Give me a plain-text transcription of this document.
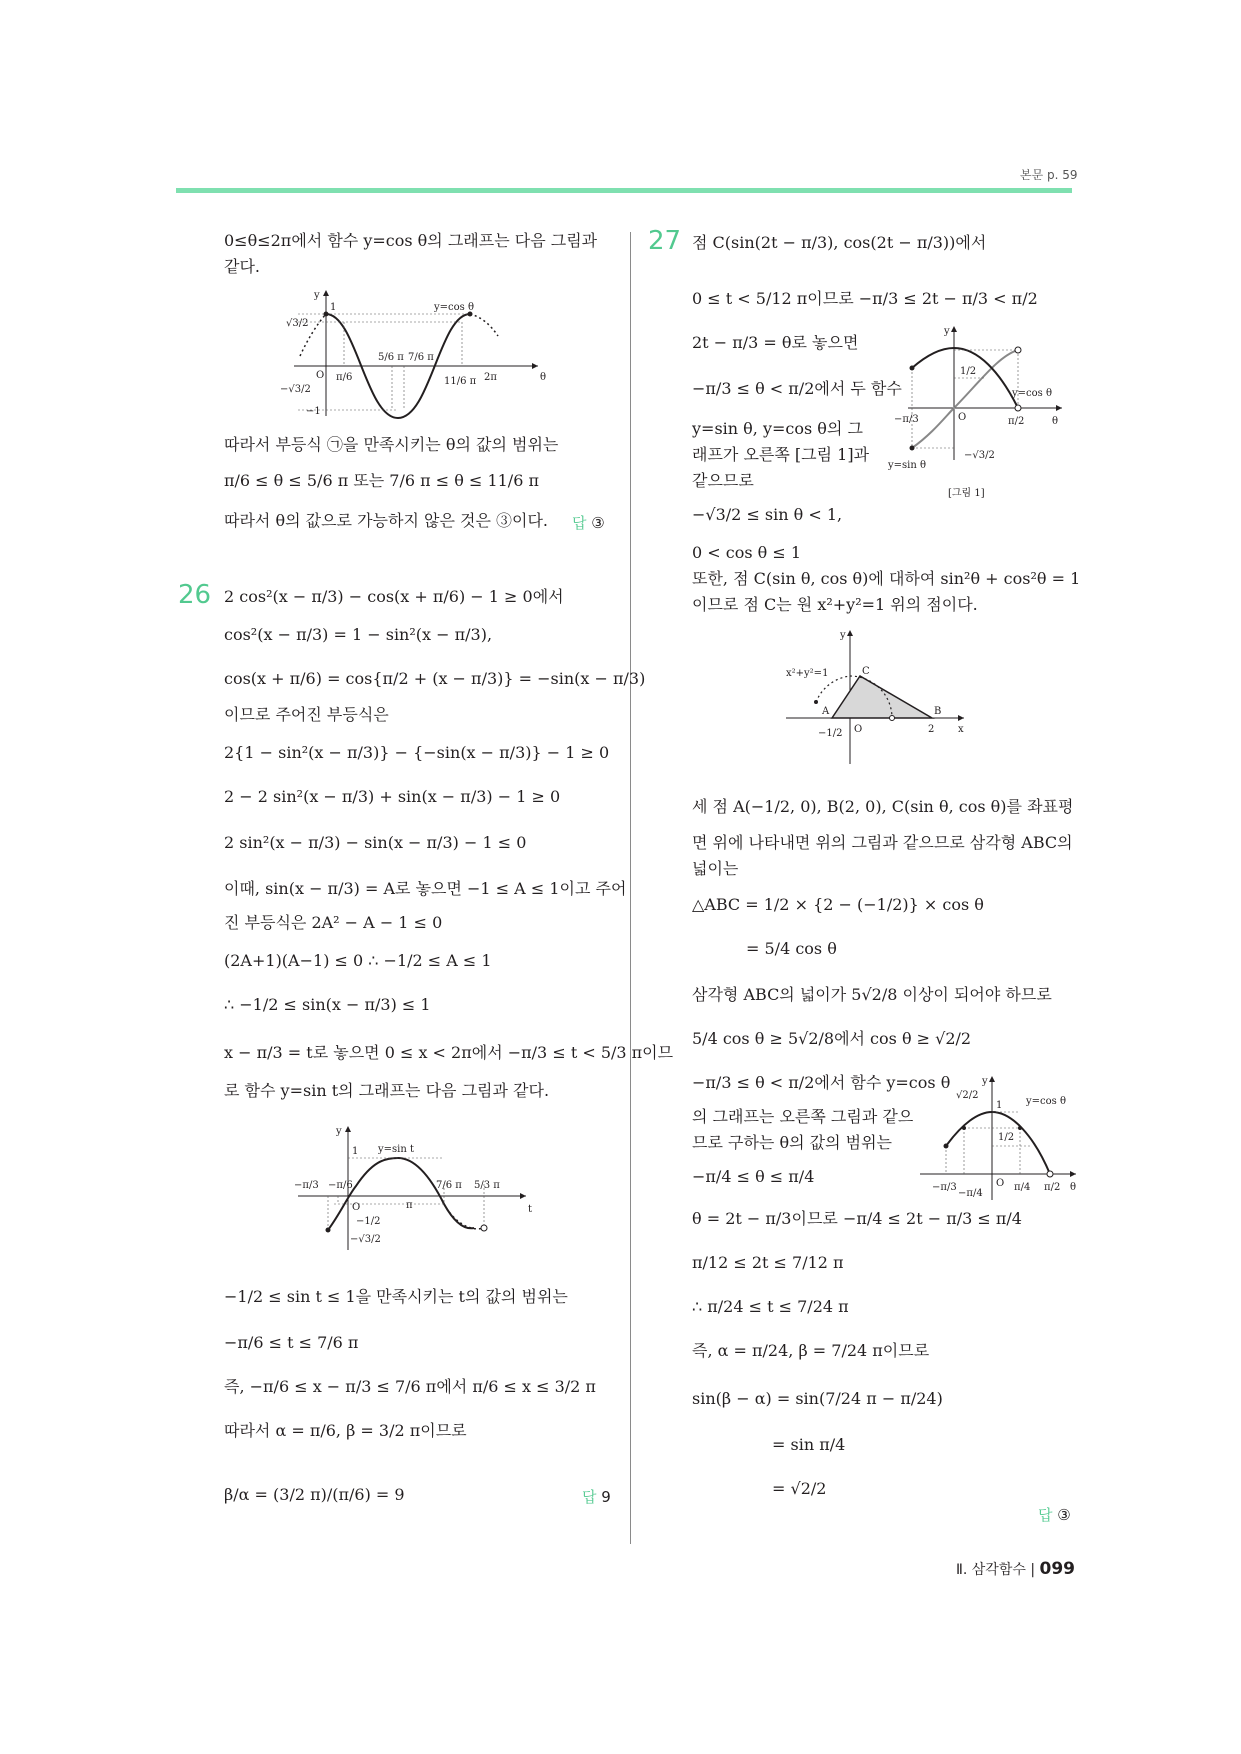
본문 p. 59
0≤θ≤2π에서 함수 y=cos θ의 그래프는 다음 그림과
같다.
y
θ
1	y=cos θ
O
√3/2
−√3/2
−1
π/6
5/6 π 7/6 π
11/6 π 2π
따라서 부등식 ㉠을 만족시키는 θ의 값의 범위는
π/6 ≤ θ ≤ 5/6 π 또는 7/6 π ≤ θ ≤ 11/6 π
따라서 θ의 값으로 가능하지 않은 것은 ③이다. 답 ③
26 2 cos²(x − π/3) − cos(x + π/6) − 1 ≥ 0에서
cos²(x − π/3) = 1 − sin²(x − π/3),
cos(x + π/6) = cos{π/2 + (x − π/3)} = −sin(x − π/3)
이므로 주어진 부등식은
2{1 − sin²(x − π/3)} − {−sin(x − π/3)} − 1 ≥ 0
2 − 2 sin²(x − π/3) + sin(x − π/3) − 1 ≥ 0
2 sin²(x − π/3) − sin(x − π/3) − 1 ≤ 0
이때, sin(x − π/3) = A로 놓으면 −1 ≤ A ≤ 1이고 주어
진 부등식은 2A² − A − 1 ≤ 0
(2A+1)(A−1) ≤ 0 ∴ −1/2 ≤ A ≤ 1
∴ −1/2 ≤ sin(x − π/3) ≤ 1
x − π/3 = t로 놓으면 0 ≤ x < 2π에서 −π/3 ≤ t < 5/3 π이므
로 함수 y=sin t의 그래프는 다음 그림과 같다.
y
t
1 y=sin t
O
−π/3 −π/6	7/6 π 5/3 π
π
−1/2
−√3/2
−1/2 ≤ sin t ≤ 1을 만족시키는 t의 값의 범위는
−π/6 ≤ t ≤ 7/6 π
즉, −π/6 ≤ x − π/3 ≤ 7/6 π에서 π/6 ≤ x ≤ 3/2 π
따라서 α = π/6, β = 3/2 π이므로
β/α = (3/2 π)/(π/6) = 9	답 9
27 점 C(sin(2t − π/3), cos(2t − π/3))에서
0 ≤ t < 5/12 π이므로 −π/3 ≤ 2t − π/3 < π/2
2t − π/3 = θ로 놓으면
−π/3 ≤ θ < π/2에서 두 함수
y=sin θ, y=cos θ의 그
래프가 오른쪽 [그림 1]과
같으므로
−√3/2 ≤ sin θ < 1,
0 < cos θ ≤ 1
또한, 점 C(sin θ, cos θ)에 대하여 sin²θ + cos²θ = 1
이므로 점 C는 원 x²+y²=1 위의 점이다.
y
θ
O
1/2
y=cos θ
y=sin θ
−π/3	π/2
−√3/2
[그림 1]
y
x
x²+y²=1
A	B
C
O
−1/2	2
세 점 A(−1/2, 0), B(2, 0), C(sin θ, cos θ)를 좌표평
면 위에 나타내면 위의 그림과 같으므로 삼각형 ABC의
넓이는
△ABC = 1/2 × {2 − (−1/2)} × cos θ
= 5/4 cos θ
삼각형 ABC의 넓이가 5√2/8 이상이 되어야 하므로
5/4 cos θ ≥ 5√2/8에서 cos θ ≥ √2/2
−π/3 ≤ θ < π/2에서 함수 y=cos θ
의 그래프는 오른쪽 그림과 같으
므로 구하는 θ의 값의 범위는
−π/4 ≤ θ ≤ π/4
θ = 2t − π/3이므로 −π/4 ≤ 2t − π/3 ≤ π/4
π/12 ≤ 2t ≤ 7/12 π
∴ π/24 ≤ t ≤ 7/24 π
즉, α = π/24, β = 7/24 π이므로
sin(β − α) = sin(7/24 π − π/24)
= sin π/4
= √2/2
y
θ
O
1
1/2
√2/2
y=cos θ
−π/3
−π/4
π/4 π/2
답 ③
Ⅱ. 삼각함수 | 099
